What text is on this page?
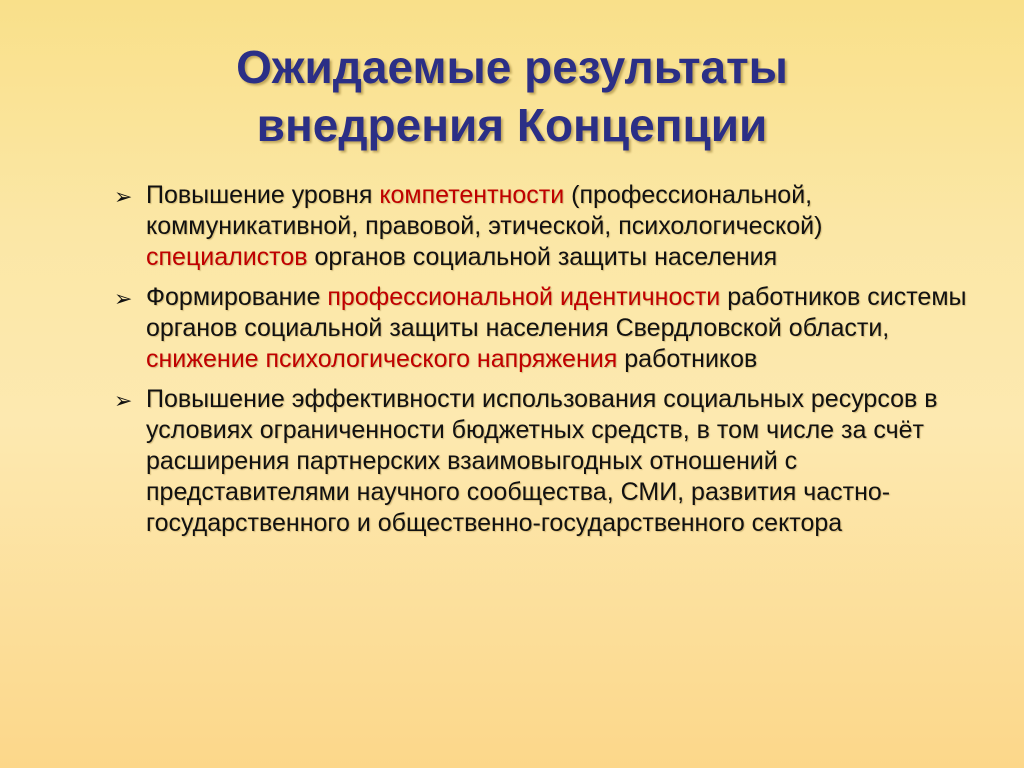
Ожидаемые результаты
внедрения Концепции
➢ Повышение уровня компетентности (профессиональной, коммуникативной, правовой, этической, психологической) специалистов органов социальной защиты населения
➢ Формирование профессиональной идентичности работников системы органов социальной защиты населения Свердловской области, снижение психологического напряжения работников
➢ Повышение эффективности использования социальных ресурсов в условиях ограниченности бюджетных средств, в том числе за счёт расширения партнерских взаимовыгодных отношений с представителями научного сообщества, СМИ, развития частно-государственного и общественно-государственного сектора
